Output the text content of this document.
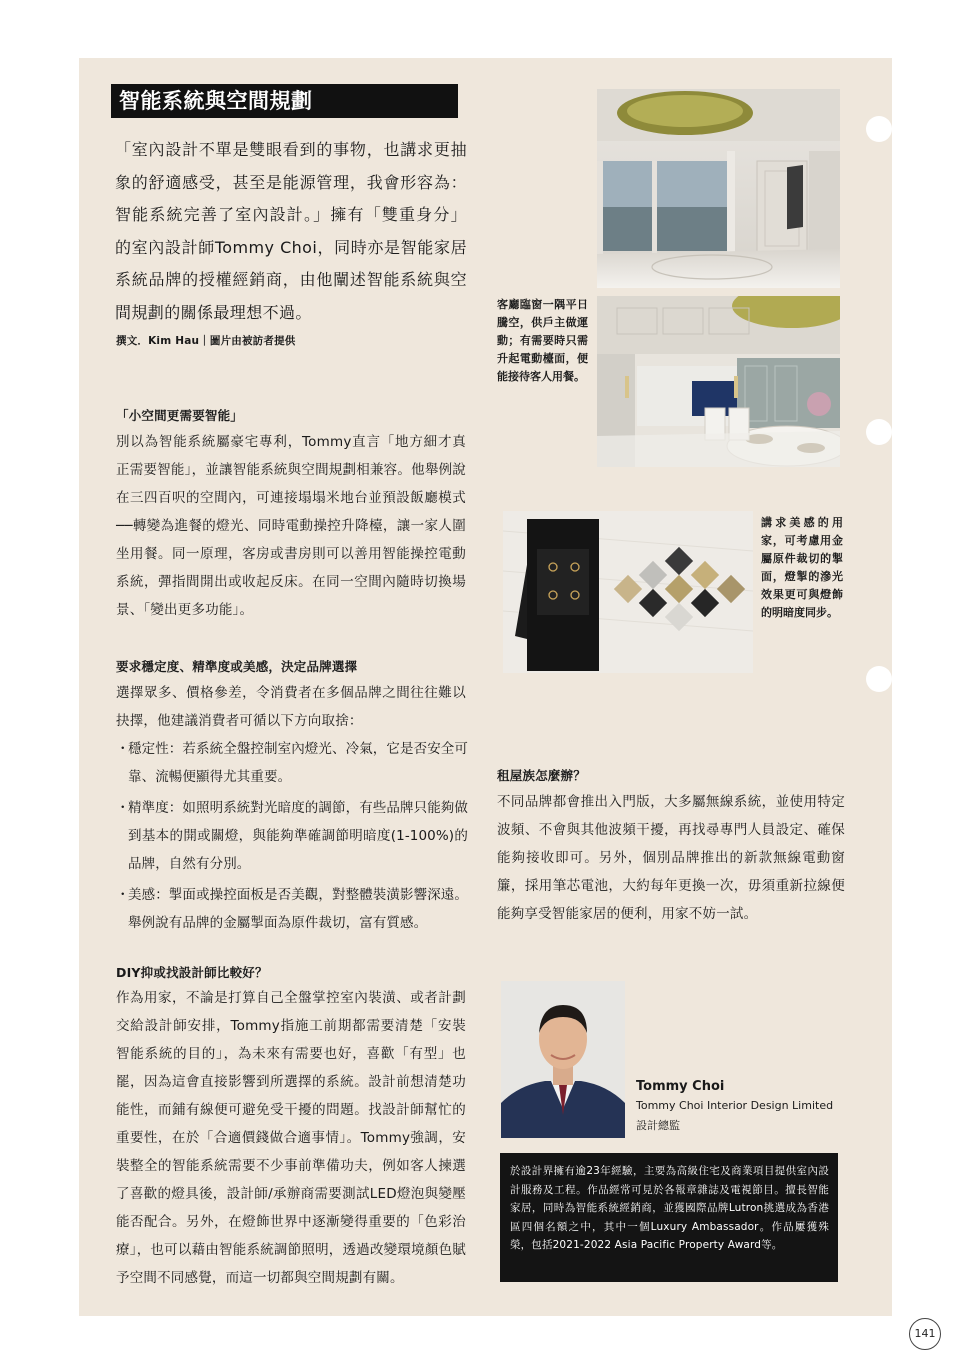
智能系統與空間規劃

「室內設計不單是雙眼看到的事物，也講求更抽象的舒適感受，甚至是能源管理，我會形容為：智能系統完善了室內設計。」擁有「雙重身分」的室內設計師Tommy Choi，同時亦是智能家居系統品牌的授權經銷商，由他闡述智能系統與空間規劃的關係最理想不過。

撰文．Kim Hau｜圖片由被訪者提供
「小空間更需要智能」

別以為智能系統屬豪宅專利，Tommy直言「地方細才真正需要智能」，並讓智能系統與空間規劃相兼容。他舉例說在三四百呎的空間內，可連接塌塌米地台並預設飯廳模式──轉變為進餐的燈光、同時電動操控升降檯，讓一家人圍坐用餐。同一原理，客房或書房則可以善用智能操控電動系統，彈指間開出或收起反床。在同一空間內隨時切換場景、「變出更多功能」。

要求穩定度、精準度或美感，決定品牌選擇

選擇眾多、價格參差，令消費者在多個品牌之間往往難以抉擇，他建議消費者可循以下方向取捨：

・
穩定性：若系統全盤控制室內燈光、冷氣，它是否安全可靠、流暢便顯得尤其重要。
・
精準度：如照明系統對光暗度的調節，有些品牌只能夠做到基本的開或關燈，與能夠準確調節明暗度(1-100%)的品牌，自然有分別。
・
美感：掣面或操控面板是否美觀，對整體裝潢影響深遠。舉例說有品牌的金屬掣面為原件裁切，富有質感。
DIY抑或找設計師比較好？

作為用家，不論是打算自己全盤掌控室內裝潢、或者計劃交給設計師安排，Tommy指施工前期都需要清楚「安裝智能系統的目的」，為未來有需要也好，喜歡「有型」也罷，因為這會直接影響到所選擇的系統。設計前想清楚功能性，而鋪有線便可避免受干擾的問題。找設計師幫忙的重要性，在於「合適價錢做合適事情」。Tommy強調，安裝整全的智能系統需要不少事前準備功夫，例如客人揀選了喜歡的燈具後，設計師/承辦商需要測試LED燈泡與變壓能否配合。另外，在燈飾世界中逐漸變得重要的「色彩治療」，也可以藉由智能系統調節照明，透過改變環境顏色賦予空間不同感覺，而這一切都與空間規劃有關。

租屋族怎麼辦？

不同品牌都會推出入門版，大多屬無線系統，並使用特定波頻、不會與其他波頻干擾，再找尋專門人員設定、確保能夠接收即可。另外，個別品牌推出的新款無線電動窗簾，採用筆芯電池，大約每年更換一次，毋須重新拉線便能夠享受智能家居的便利，用家不妨一試。

客廳臨窗一隅平日騰空，供戶主做運動；有需要時只需升起電動檯面，便能接待客人用餐。
講求美感的用家，可考慮用金屬原件裁切的掣面，燈掣的滲光效果更可與燈飾的明暗度同步。
Tommy Choi
Tommy Choi Interior Design Limited
設計總監

於設計界擁有逾23年經驗，主要為高級住宅及商業項目提供室內設計服務及工程。作品經常可見於各報章雜誌及電視節目。擅長智能家居，同時為智能系統經銷商，並獲國際品牌Lutron挑選成為香港區四個名額之中，其中一個Luxury Ambassador。作品屢獲殊榮，包括2021-2022 Asia Pacific Property Award等。

141
